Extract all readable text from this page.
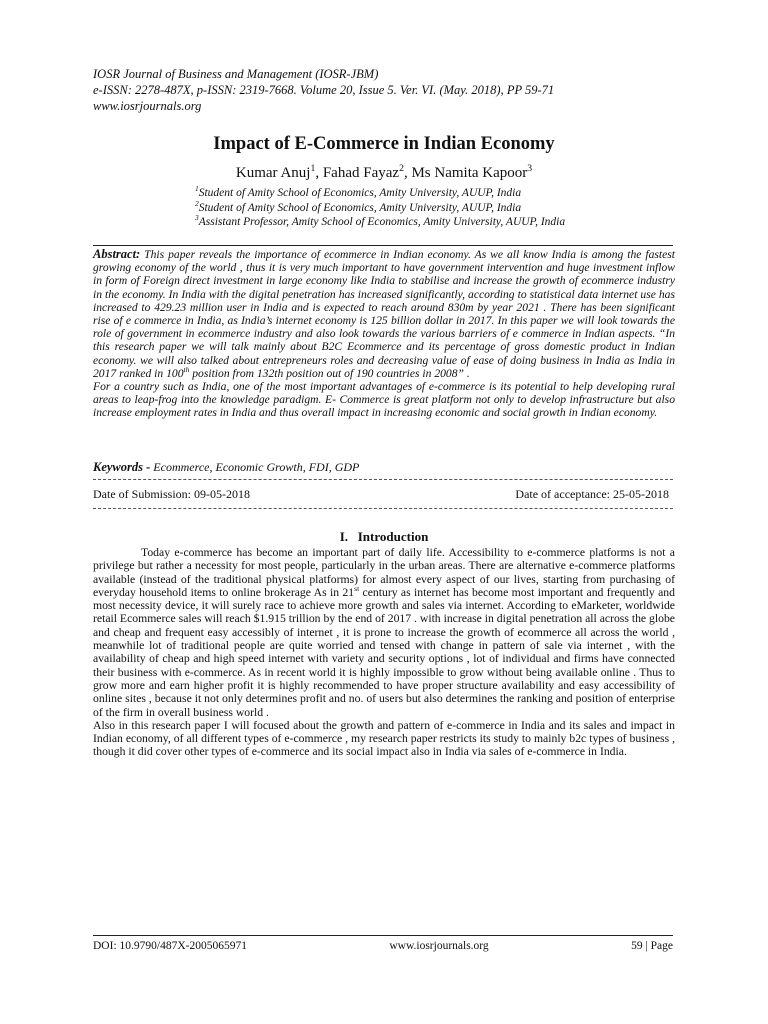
IOSR Journal of Business and Management (IOSR-JBM)
e-ISSN: 2278-487X, p-ISSN: 2319-7668. Volume 20, Issue 5. Ver. VI. (May. 2018), PP 59-71
www.iosrjournals.org
Impact of E-Commerce in Indian Economy
Kumar Anuj$^1$, Fahad Fayaz$^2$, Ms Namita Kapoor$^3$
$^1$Student of Amity School of Economics, Amity University, AUUP, India
$^2$Student of Amity School of Economics, Amity University, AUUP, India
$^3$Assistant Professor, Amity School of Economics, Amity University, AUUP, India
Abstract: This paper reveals the importance of ecommerce in Indian economy. As we all know India is among the fastest growing economy of the world , thus it is very much important to have government intervention and huge investment inflow in form of Foreign direct investment in large economy like India to stabilise and increase the growth of ecommerce industry in the economy. In India with the digital penetration has increased significantly, according to statistical data internet use has increased to 429.23 million user in India and is expected to reach around 830m by year 2021 . There has been significant rise of e commerce in India, as India’s internet economy is 125 billion dollar in 2017. In this paper we will look towards the role of government in ecommerce industry and also look towards the various barriers of e commerce in Indian aspects. “In this research paper we will talk mainly about B2C Ecommerce and its percentage of gross domestic product in Indian economy. we will also talked about entrepreneurs roles and decreasing value of ease of doing business in India as India in 2017 ranked in 100th position from 132th position out of 190 countries in 2008” .
For a country such as India, one of the most important advantages of e-commerce is its potential to help developing rural areas to leap-frog into the knowledge paradigm. E- Commerce is great platform not only to develop infrastructure but also increase employment rates in India and thus overall impact in increasing economic and social growth in Indian economy.
Keywords - Ecommerce, Economic Growth, FDI, GDP
Date of Submission: 09-05-2018	Date of acceptance: 25-05-2018
I. Introduction

Today e-commerce has become an important part of daily life. Accessibility to e-commerce platforms is not a privilege but rather a necessity for most people, particularly in the urban areas. There are alternative e-commerce platforms available (instead of the traditional physical platforms) for almost every aspect of our lives, starting from purchasing of everyday household items to online brokerage As in 21st century as internet has become most important and frequently and most necessity device, it will surely race to achieve more growth and sales via internet. According to eMarketer, worldwide retail Ecommerce sales will reach $1.915 trillion by the end of 2017 . with increase in digital penetration all across the globe and cheap and frequent easy accessibly of internet , it is prone to increase the growth of ecommerce all across the world , meanwhile lot of traditional people are quite worried and tensed with change in pattern of sale via internet , with the availability of cheap and high speed internet with variety and security options , lot of individual and firms have connected their business with e-commerce. As in recent world it is highly impossible to grow without being available online . Thus to grow more and earn higher profit it is highly recommended to have proper structure availability and easy accessibility of online sites , because it not only determines profit and no. of users but also determines the ranking and position of enterprise of the firm in overall business world .

Also in this research paper I will focused about the growth and pattern of e-commerce in India and its sales and impact in Indian economy, of all different types of e-commerce , my research paper restricts its study to mainly b2c types of business , though it did cover other types of e-commerce and its social impact also in India via sales of e-commerce in India.

DOI: 10.9790/487X-2005065971	www.iosrjournals.org	59 | Page
